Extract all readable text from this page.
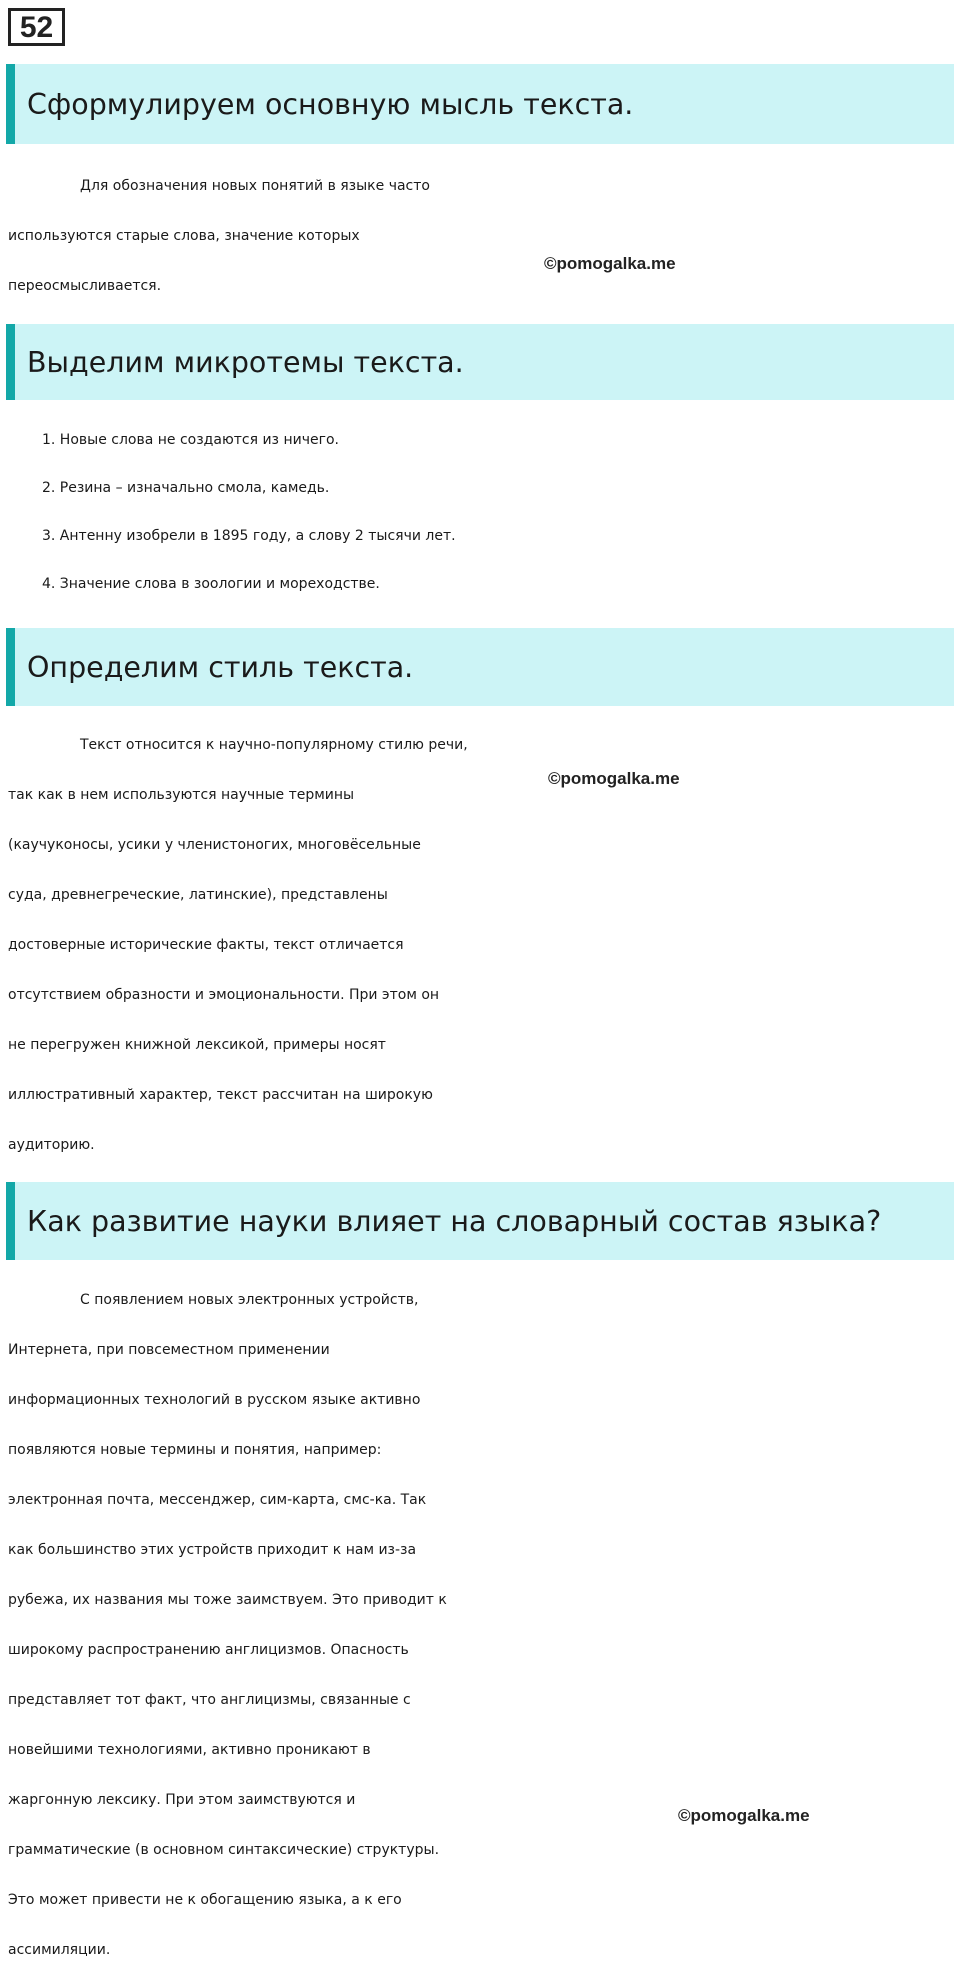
52
Сформулируем основную мысль текста.
Для обозначения новых понятий в языке часто
используются старые слова, значение которых
переосмысливается.
©pomogalka.me
Выделим микротемы текста.
1. Новые слова не создаются из ничего.
2. Резина – изначально смола, камедь.
3. Антенну изобрели в 1895 году, а слову 2 тысячи лет.
4. Значение слова в зоологии и мореходстве.
Определим стиль текста.
Текст относится к научно-популярному стилю речи,
так как в нем используются научные термины
(каучуконосы, усики у членистоногих, многовёсельные
суда, древнегреческие, латинские), представлены
достоверные исторические факты, текст отличается
отсутствием образности и эмоциональности. При этом он
не перегружен книжной лексикой, примеры носят
иллюстративный характер, текст рассчитан на широкую
аудиторию.
©pomogalka.me
Как развитие науки влияет на словарный состав языка?
С появлением новых электронных устройств,
Интернета, при повсеместном применении
информационных технологий в русском языке активно
появляются новые термины и понятия, например:
электронная почта, мессенджер, сим-карта, смс-ка. Так
как большинство этих устройств приходит к нам из-за
рубежа, их названия мы тоже заимствуем. Это приводит к
широкому распространению англицизмов. Опасность
представляет тот факт, что англицизмы, связанные с
новейшими технологиями, активно проникают в
жаргонную лексику. При этом заимствуются и
грамматические (в основном синтаксические) структуры.
Это может привести не к обогащению языка, а к его
ассимиляции.
©pomogalka.me
